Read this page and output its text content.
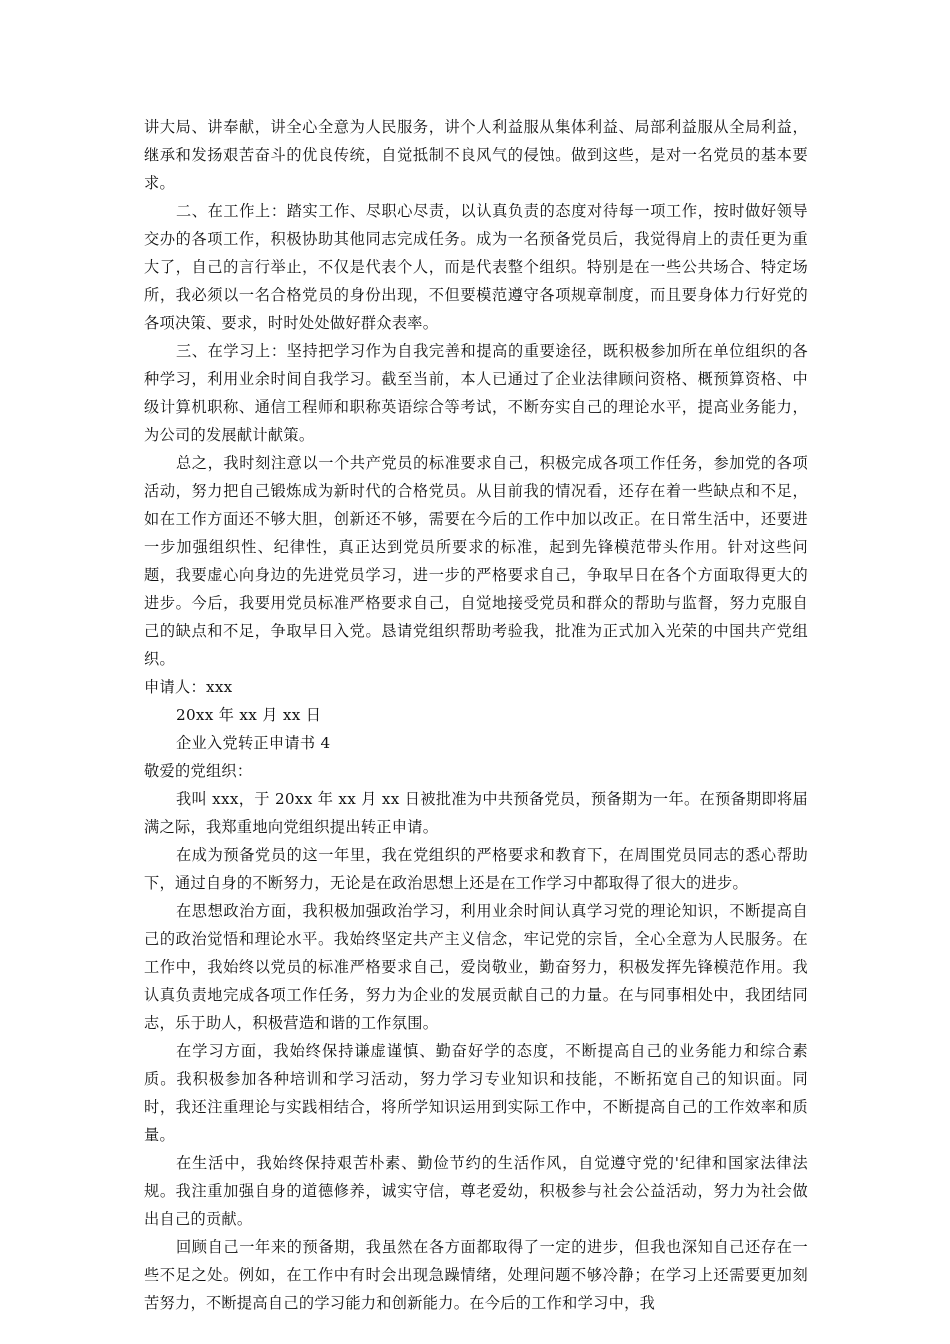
讲大局、讲奉献，讲全心全意为人民服务，讲个人利益服从集体利益、局部利益服从全局利益，继承和发扬艰苦奋斗的优良传统，自觉抵制不良风气的侵蚀。做到这些，是对一名党员的基本要求。

二、在工作上：踏实工作、尽职心尽责，以认真负责的态度对待每一项工作，按时做好领导交办的各项工作，积极协助其他同志完成任务。成为一名预备党员后，我觉得肩上的责任更为重大了，自己的言行举止，不仅是代表个人，而是代表整个组织。特别是在一些公共场合、特定场所，我必须以一名合格党员的身份出现，不但要模范遵守各项规章制度，而且要身体力行好党的各项决策、要求，时时处处做好群众表率。

三、在学习上：坚持把学习作为自我完善和提高的重要途径，既积极参加所在单位组织的各种学习，利用业余时间自我学习。截至当前，本人已通过了企业法律顾问资格、概预算资格、中级计算机职称、通信工程师和职称英语综合等考试，不断夯实自己的理论水平，提高业务能力，为公司的发展献计献策。

总之，我时刻注意以一个共产党员的标准要求自己，积极完成各项工作任务，参加党的各项活动，努力把自己锻炼成为新时代的合格党员。从目前我的情况看，还存在着一些缺点和不足，如在工作方面还不够大胆，创新还不够，需要在今后的工作中加以改正。在日常生活中，还要进一步加强组织性、纪律性，真正达到党员所要求的标准，起到先锋模范带头作用。针对这些问题，我要虚心向身边的先进党员学习，进一步的严格要求自己，争取早日在各个方面取得更大的进步。今后，我要用党员标准严格要求自己，自觉地接受党员和群众的帮助与监督，努力克服自己的缺点和不足，争取早日入党。恳请党组织帮助考验我，批准为正式加入光荣的中国共产党组织。

申请人：xxx

20xx 年 xx 月 xx 日

企业入党转正申请书 4

敬爱的党组织：

我叫 xxx，于 20xx 年 xx 月 xx 日被批准为中共预备党员，预备期为一年。在预备期即将届满之际，我郑重地向党组织提出转正申请。

在成为预备党员的这一年里，我在党组织的严格要求和教育下，在周围党员同志的悉心帮助下，通过自身的不断努力，无论是在政治思想上还是在工作学习中都取得了很大的进步。

在思想政治方面，我积极加强政治学习，利用业余时间认真学习党的理论知识，不断提高自己的政治觉悟和理论水平。我始终坚定共产主义信念，牢记党的宗旨，全心全意为人民服务。在工作中，我始终以党员的标准严格要求自己，爱岗敬业，勤奋努力，积极发挥先锋模范作用。我认真负责地完成各项工作任务，努力为企业的发展贡献自己的力量。在与同事相处中，我团结同志，乐于助人，积极营造和谐的工作氛围。

在学习方面，我始终保持谦虚谨慎、勤奋好学的态度，不断提高自己的业务能力和综合素质。我积极参加各种培训和学习活动，努力学习专业知识和技能，不断拓宽自己的知识面。同时，我还注重理论与实践相结合，将所学知识运用到实际工作中，不断提高自己的工作效率和质量。

在生活中，我始终保持艰苦朴素、勤俭节约的生活作风，自觉遵守党的'纪律和国家法律法规。我注重加强自身的道德修养，诚实守信，尊老爱幼，积极参与社会公益活动，努力为社会做出自己的贡献。

回顾自己一年来的预备期，我虽然在各方面都取得了一定的进步，但我也深知自己还存在一些不足之处。例如，在工作中有时会出现急躁情绪，处理问题不够冷静；在学习上还需要更加刻苦努力，不断提高自己的学习能力和创新能力。在今后的工作和学习中，我
